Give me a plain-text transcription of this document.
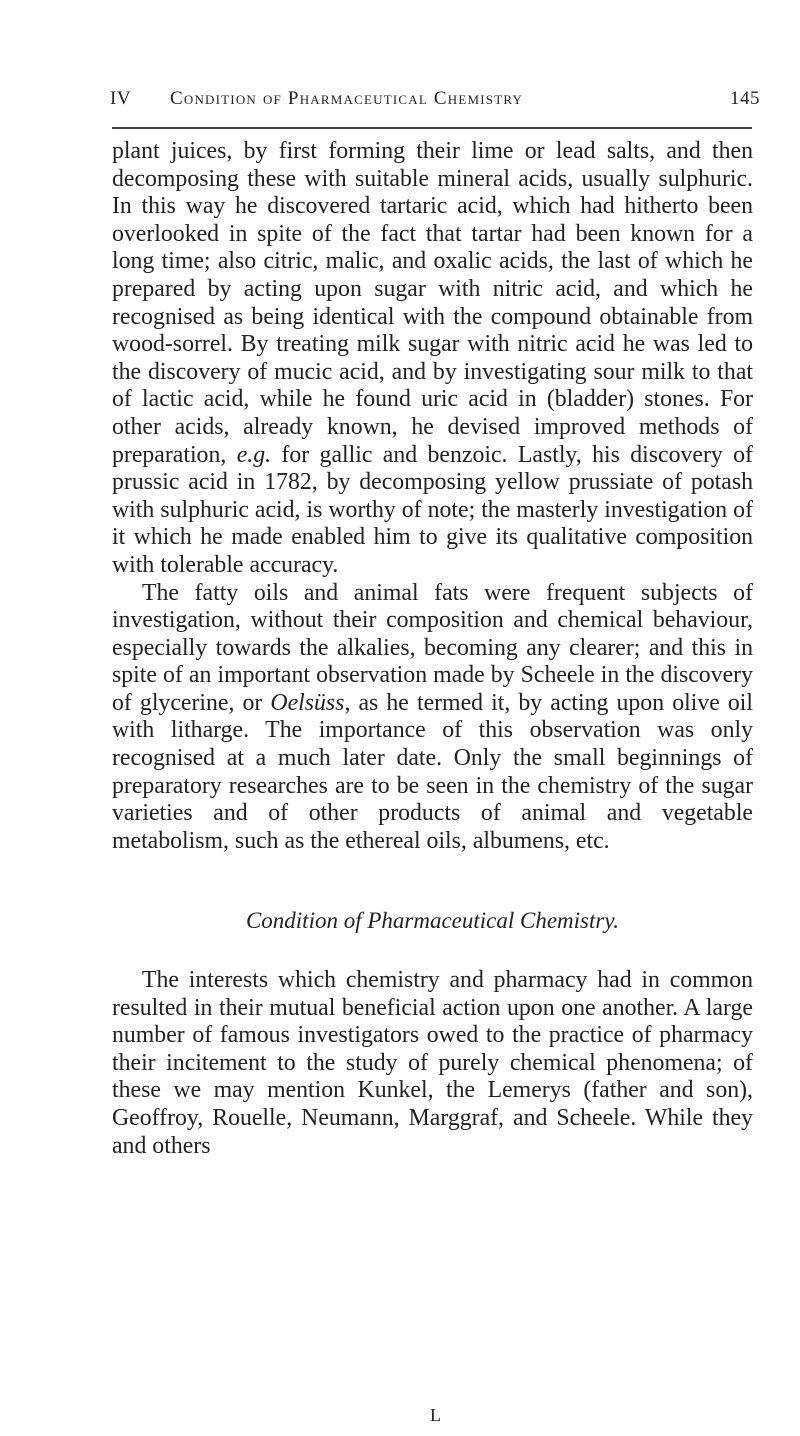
IV Condition of Pharmaceutical Chemistry	145

plant juices, by first forming their lime or lead salts, and then decomposing these with suitable mineral acids, usually sulphuric. In this way he discovered tartaric acid, which had hitherto been overlooked in spite of the fact that tartar had been known for a long time; also citric, malic, and oxalic acids, the last of which he prepared by acting upon sugar with nitric acid, and which he recognised as being identical with the compound obtainable from wood-sorrel. By treating milk sugar with nitric acid he was led to the discovery of mucic acid, and by investigating sour milk to that of lactic acid, while he found uric acid in (bladder) stones. For other acids, already known, he devised improved methods of preparation, e.g. for gallic and benzoic. Lastly, his discovery of prussic acid in 1782, by decomposing yellow prussiate of potash with sulphuric acid, is worthy of note; the masterly investigation of it which he made enabled him to give its qualitative composition with tolerable accuracy.

The fatty oils and animal fats were frequent subjects of investigation, without their composition and chemical behaviour, especially towards the alkalies, becoming any clearer; and this in spite of an important observation made by Scheele in the discovery of glycerine, or Oelsüss, as he termed it, by acting upon olive oil with litharge. The importance of this observation was only recognised at a much later date. Only the small beginnings of preparatory researches are to be seen in the chemistry of the sugar varieties and of other products of animal and vegetable metabolism, such as the ethereal oils, albumens, etc.

Condition of Pharmaceutical Chemistry.

The interests which chemistry and pharmacy had in common resulted in their mutual beneficial action upon one another. A large number of famous investigators owed to the practice of pharmacy their incitement to the study of purely chemical phenomena; of these we may mention Kunkel, the Lemerys (father and son), Geoffroy, Rouelle, Neumann, Marggraf, and Scheele. While they and others

L
